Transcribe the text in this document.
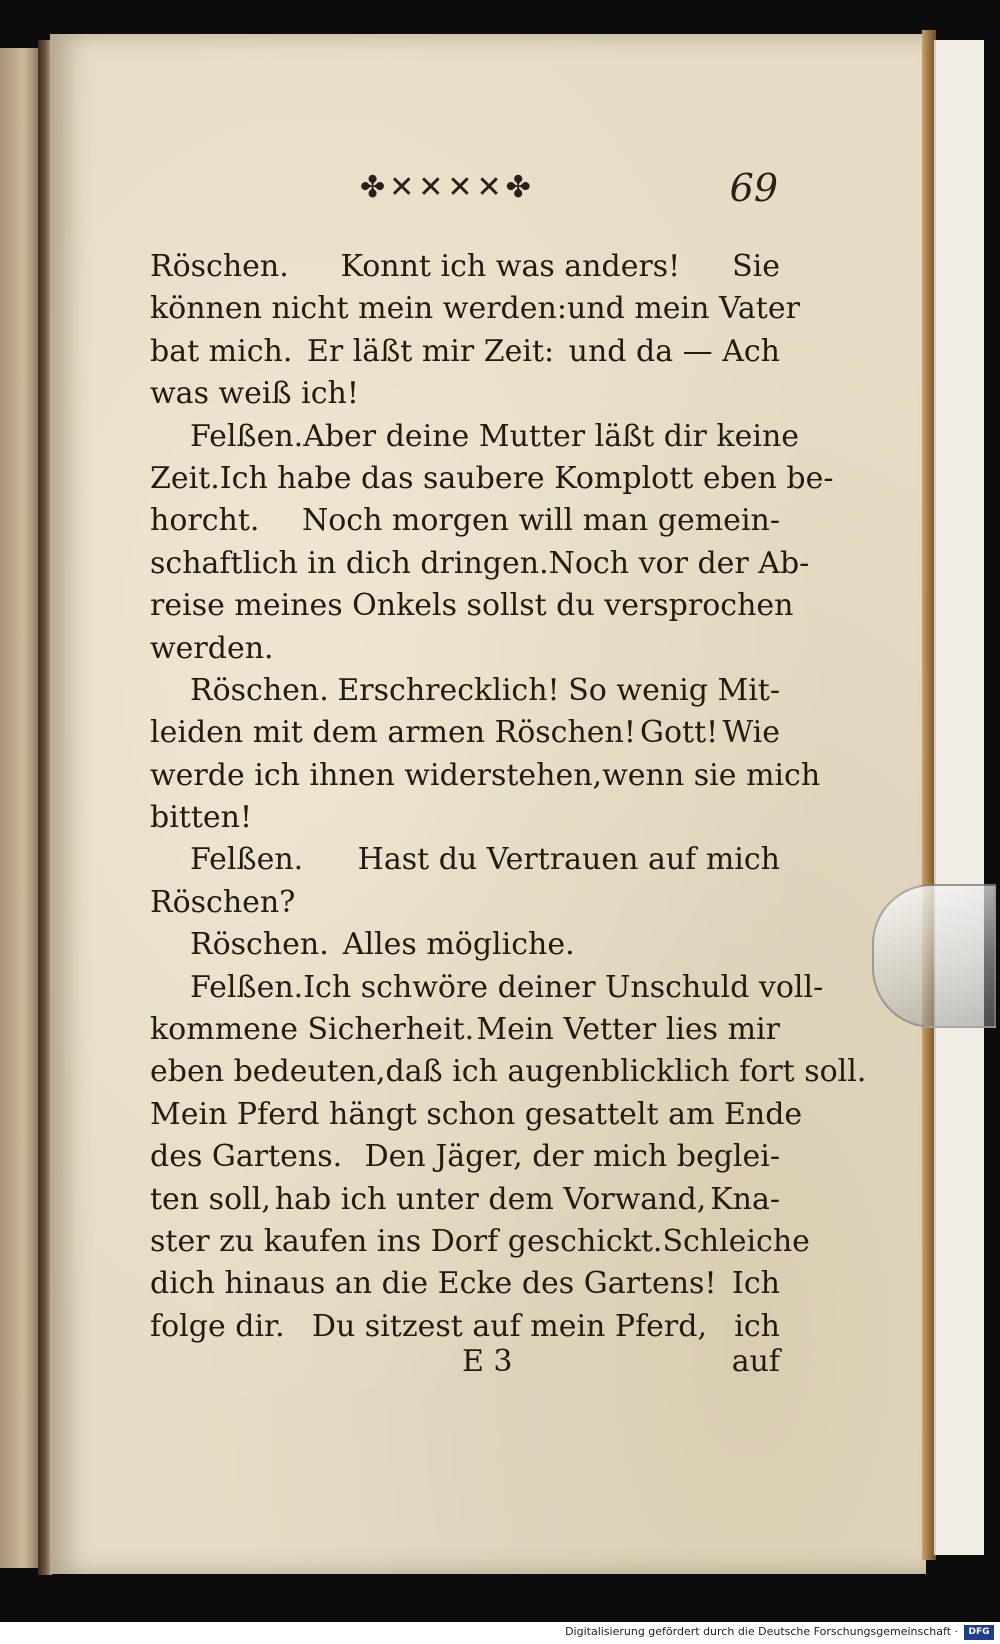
✤✕✕✕✕✤	69
Röschen. Konnt ich was anders! Sie
können nicht mein werden: und mein Vater
bat mich. Er läßt mir Zeit: und da — Ach
was weiß ich!
Felßen. Aber deine Mutter läßt dir keine
Zeit. Ich habe das saubere Komplott eben be-
horcht. Noch morgen will man gemein-
schaftlich in dich dringen. Noch vor der Ab-
reise meines Onkels sollst du versprochen
werden.
Röschen. Erschrecklich! So wenig Mit-
leiden mit dem armen Röschen! Gott! Wie
werde ich ihnen widerstehen, wenn sie mich
bitten!
Felßen. Hast du Vertrauen auf mich
Röschen?
Röschen. Alles mögliche.
Felßen. Ich schwöre deiner Unschuld voll-
kommene Sicherheit. Mein Vetter lies mir
eben bedeuten, daß ich augenblicklich fort soll.
Mein Pferd hängt schon gesattelt am Ende
des Gartens. Den Jäger, der mich beglei-
ten soll, hab ich unter dem Vorwand, Kna-
ster zu kaufen ins Dorf geschickt. Schleiche
dich hinaus an die Ecke des Gartens! Ich
folge dir. Du sitzest auf mein Pferd, ich
E 3	auf
Digitalisierung gefördert durch die Deutsche Forschungsgemeinschaft ·	DFG
